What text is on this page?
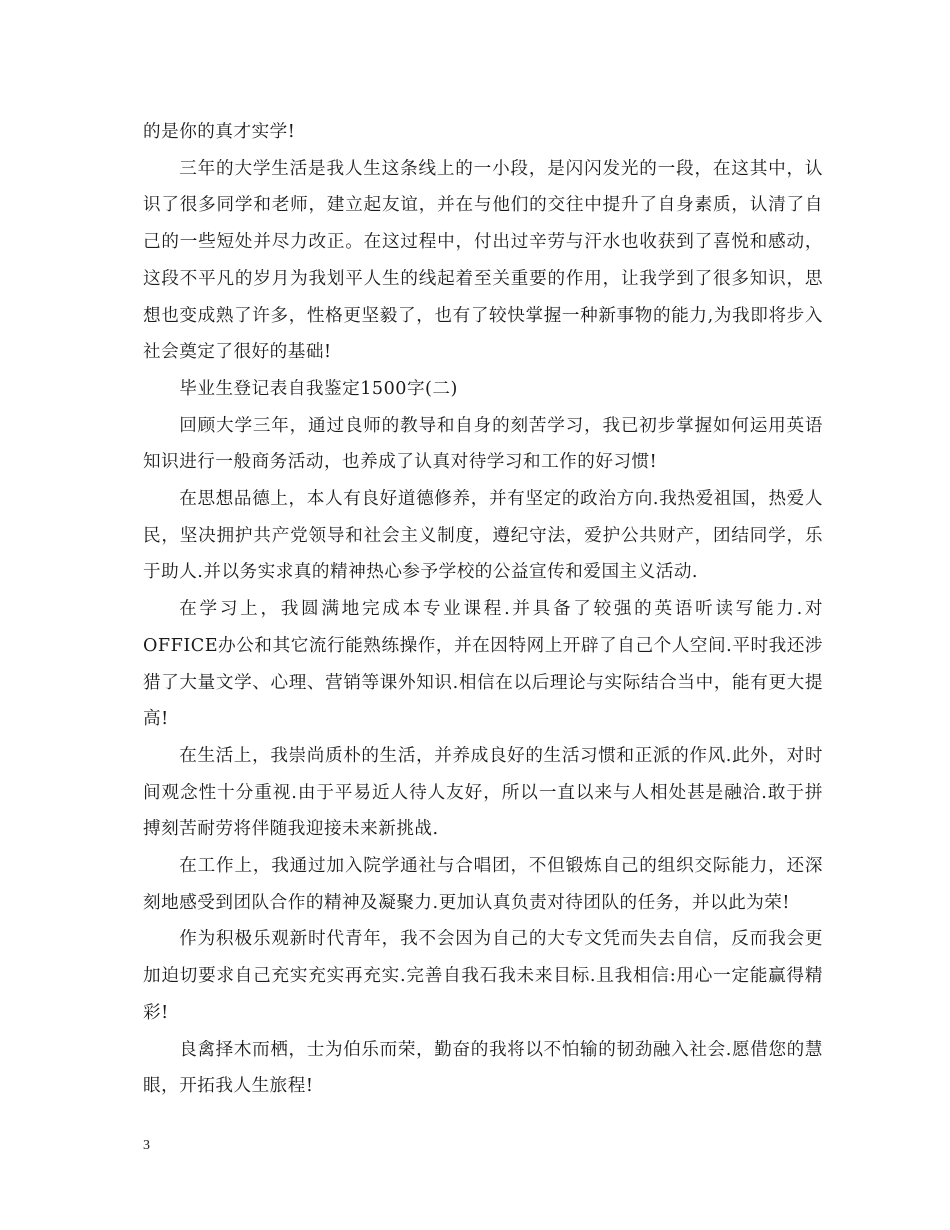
的是你的真才实学!

三年的大学生活是我人生这条线上的一小段，是闪闪发光的一段，在这其中，认识了很多同学和老师，建立起友谊，并在与他们的交往中提升了自身素质，认清了自己的一些短处并尽力改正。在这过程中，付出过辛劳与汗水也收获到了喜悦和感动，这段不平凡的岁月为我划平人生的线起着至关重要的作用，让我学到了很多知识，思想也变成熟了许多，性格更坚毅了，也有了较快掌握一种新事物的能力,为我即将步入社会奠定了很好的基础!

毕业生登记表自我鉴定1500字(二)

回顾大学三年，通过良师的教导和自身的刻苦学习，我已初步掌握如何运用英语知识进行一般商务活动，也养成了认真对待学习和工作的好习惯!

在思想品德上，本人有良好道德修养，并有坚定的政治方向.我热爱祖国，热爱人民，坚决拥护共产党领导和社会主义制度，遵纪守法，爱护公共财产，团结同学，乐于助人.并以务实求真的精神热心参予学校的公益宣传和爱国主义活动.

在学习上，我圆满地完成本专业课程.并具备了较强的英语听读写能力.对OFFICE办公和其它流行能熟练操作，并在因特网上开辟了自己个人空间.平时我还涉猎了大量文学、心理、营销等课外知识.相信在以后理论与实际结合当中，能有更大提高!

在生活上，我崇尚质朴的生活，并养成良好的生活习惯和正派的作风.此外，对时间观念性十分重视.由于平易近人待人友好，所以一直以来与人相处甚是融洽.敢于拼搏刻苦耐劳将伴随我迎接未来新挑战.

在工作上，我通过加入院学通社与合唱团，不但锻炼自己的组织交际能力，还深刻地感受到团队合作的精神及凝聚力.更加认真负责对待团队的任务，并以此为荣!

作为积极乐观新时代青年，我不会因为自己的大专文凭而失去自信，反而我会更加迫切要求自己充实充实再充实.完善自我石我未来目标.且我相信:用心一定能赢得精彩!

良禽择木而栖，士为伯乐而荣，勤奋的我将以不怕输的韧劲融入社会.愿借您的慧眼，开拓我人生旅程!

3
